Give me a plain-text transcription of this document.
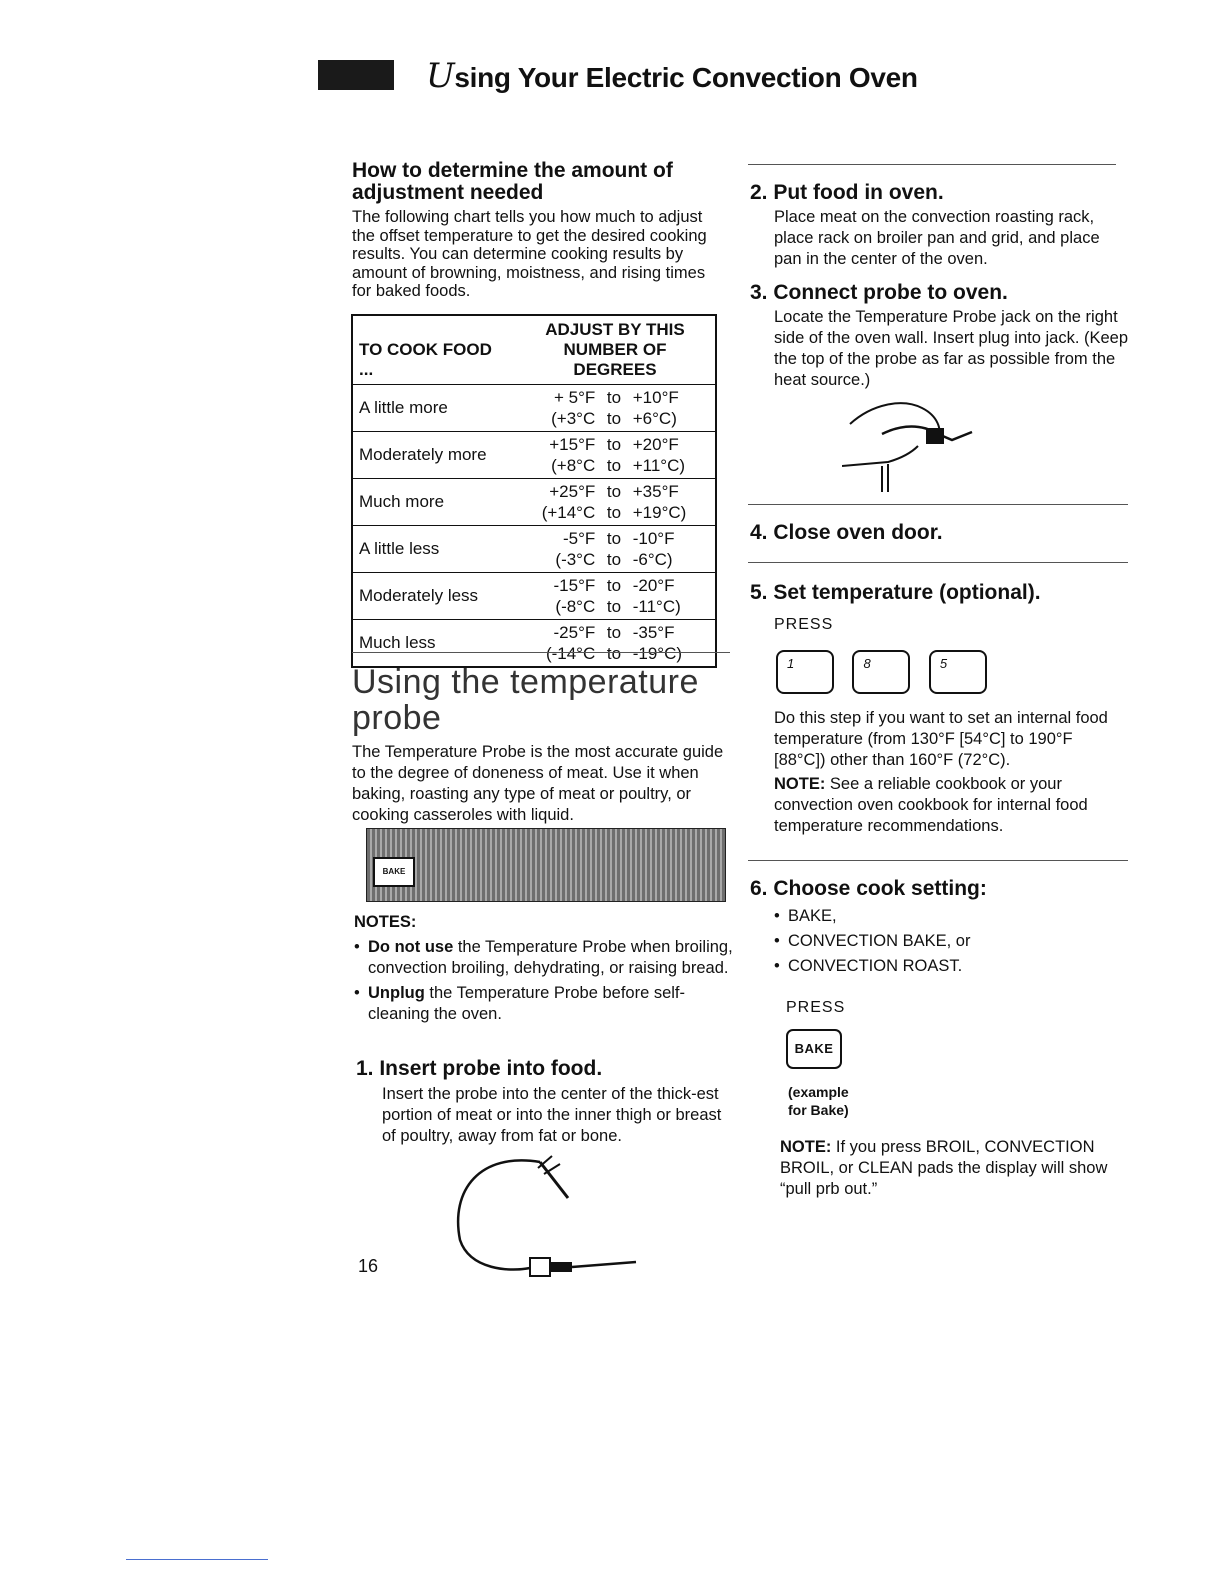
Using Your Electric Convection Oven
How to determine the amount of adjustment needed
The following chart tells you how much to adjust the offset temperature to get the desired cooking results. You can determine cooking results by amount of browning, moistness, and rising times for baked foods.
TO COOK FOOD ...	ADJUST BY THIS NUMBER OF DEGREES
A little more	+ 5°F to +10°F
(+3°C to +6°C)

Moderately more	+15°F to +20°F
(+8°C to +11°C)

Much more	+25°F to +35°F
(+14°C to +19°C)

A little less	-5°F to -10°F
(-3°C to -6°C)

Moderately less	-15°F to -20°F
(-8°C to -11°C)

Much less	-25°F to -35°F
(-14°C to -19°C)
Using the temperature probe
The Temperature Probe is the most accurate guide to the degree of doneness of meat. Use it when baking, roasting any type of meat or poultry, or cooking casseroles with liquid.
BAKE
NOTES:
• Do not use the Temperature Probe when broiling, convection broiling, dehydrating, or raising bread.
• Unplug the Temperature Probe before self-cleaning the oven.
1. Insert probe into food.
Insert the probe into the center of the thick-est portion of meat or into the inner thigh or breast of poultry, away from fat or bone.
16
2. Put food in oven.
Place meat on the convection roasting rack, place rack on broiler pan and grid, and place pan in the center of the oven.
3. Connect probe to oven.
Locate the Temperature Probe jack on the right side of the oven wall. Insert plug into jack. (Keep the top of the probe as far as possible from the heat source.)
4. Close oven door.
5. Set temperature (optional).
PRESS
1
	8
	5
Do this step if you want to set an internal food temperature (from 130°F [54°C] to 190°F [88°C]) other than 160°F (72°C).
NOTE: See a reliable cookbook or your convection oven cookbook for internal food temperature recommendations.
6. Choose cook setting:
• BAKE,
• CONVECTION BAKE, or
• CONVECTION ROAST.
PRESS
BAKE
(example
for Bake)
NOTE: If you press BROIL, CONVECTION BROIL, or CLEAN pads the display will show “pull prb out.”
